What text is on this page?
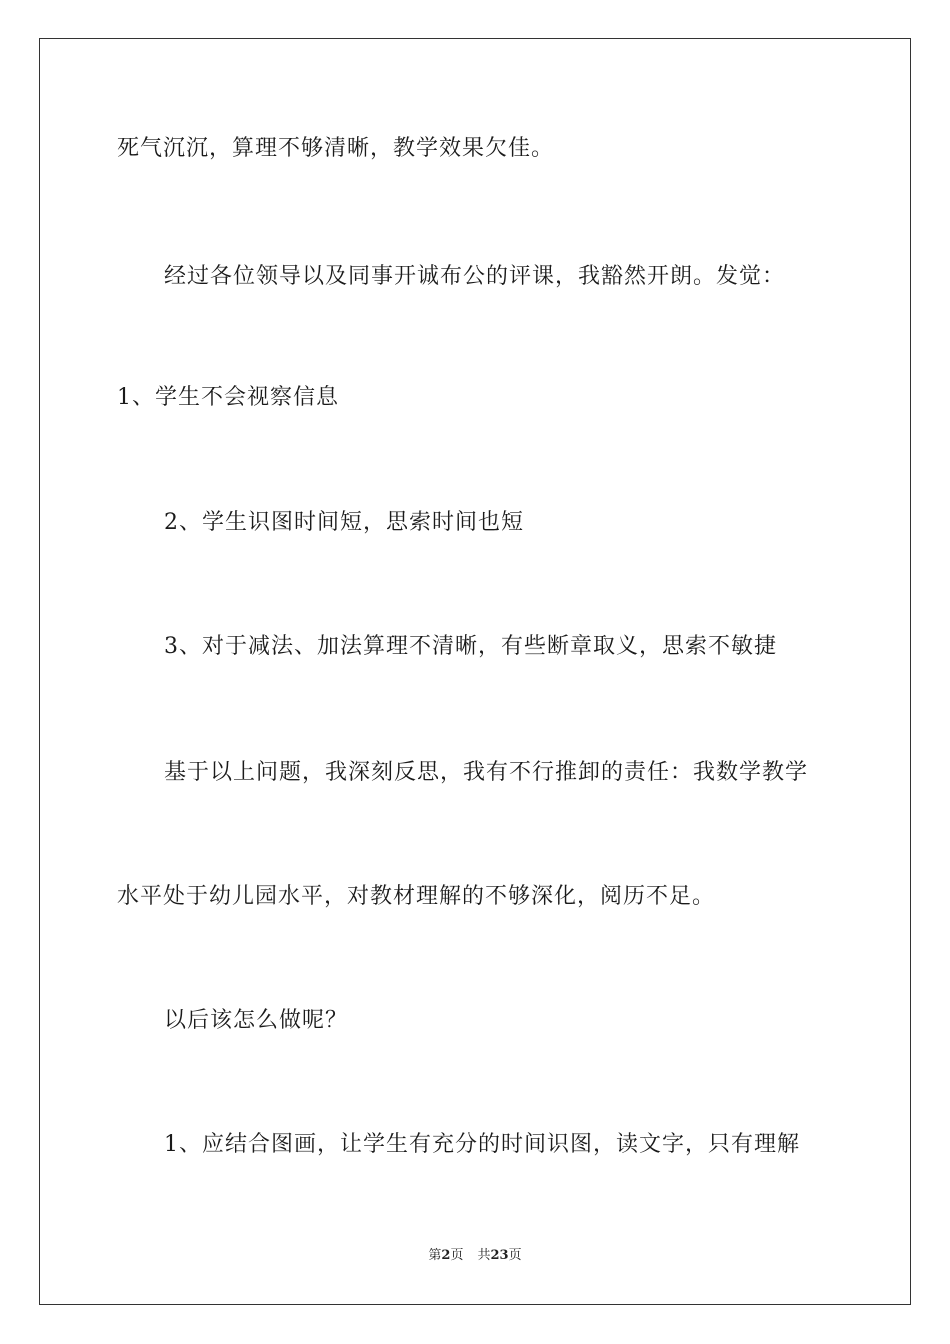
死气沉沉，算理不够清晰，教学效果欠佳。
经过各位领导以及同事开诚布公的评课，我豁然开朗。发觉：
1、学生不会视察信息
2、学生识图时间短，思索时间也短
3、对于减法、加法算理不清晰，有些断章取义，思索不敏捷
基于以上问题，我深刻反思，我有不行推卸的责任：我数学教学
水平处于幼儿园水平，对教材理解的不够深化，阅历不足。
以后该怎么做呢？
1、应结合图画，让学生有充分的时间识图，读文字，只有理解
第2页 共23页
